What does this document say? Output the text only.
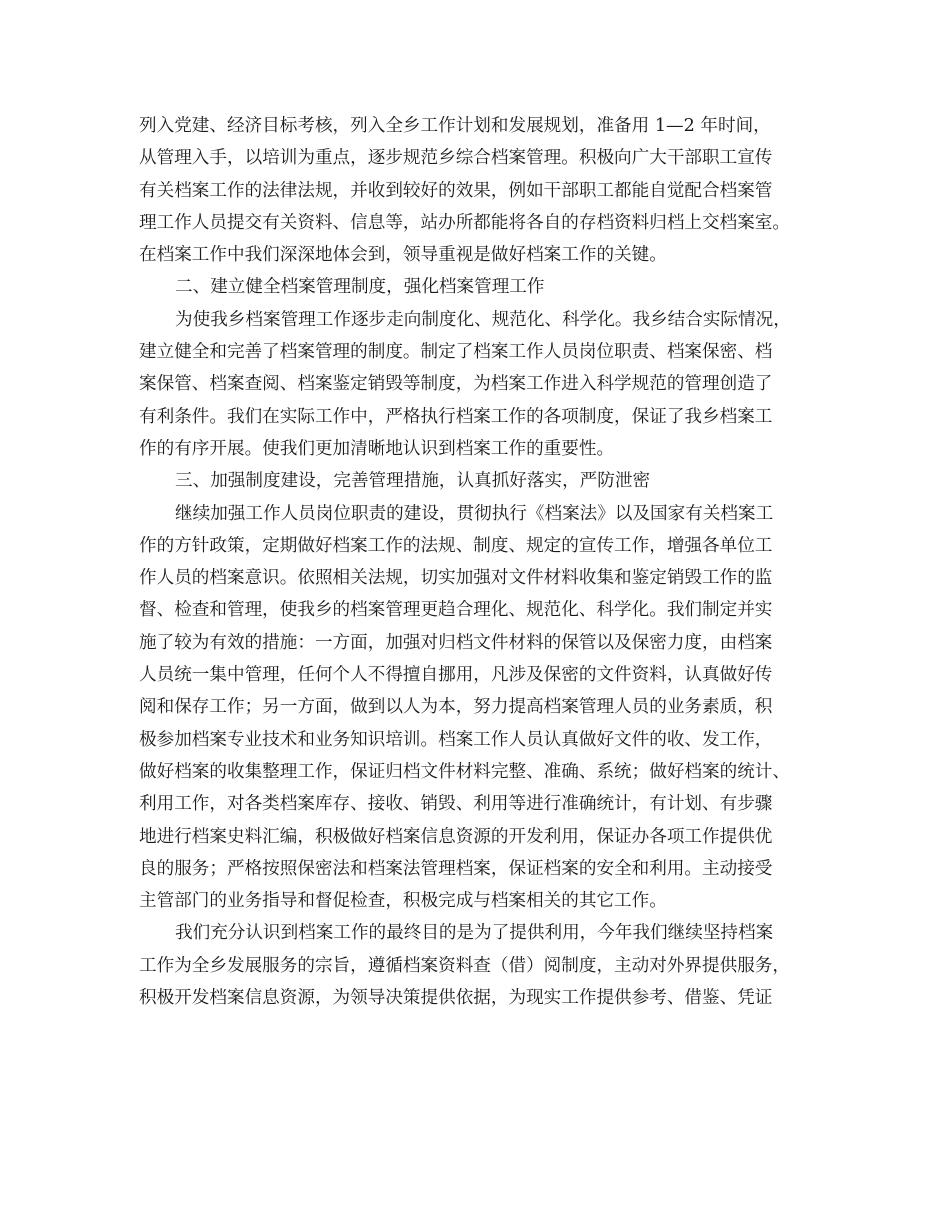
列入党建、经济目标考核，列入全乡工作计划和发展规划，准备用 1—2 年时间，
从管理入手，以培训为重点，逐步规范乡综合档案管理。积极向广大干部职工宣传
有关档案工作的法律法规，并收到较好的效果，例如干部职工都能自觉配合档案管
理工作人员提交有关资料、信息等，站办所都能将各自的存档资料归档上交档案室。
在档案工作中我们深深地体会到，领导重视是做好档案工作的关键。
二、建立健全档案管理制度，强化档案管理工作
为使我乡档案管理工作逐步走向制度化、规范化、科学化。我乡结合实际情况，
建立健全和完善了档案管理的制度。制定了档案工作人员岗位职责、档案保密、档
案保管、档案查阅、档案鉴定销毁等制度，为档案工作进入科学规范的管理创造了
有利条件。我们在实际工作中，严格执行档案工作的各项制度，保证了我乡档案工
作的有序开展。使我们更加清晰地认识到档案工作的重要性。
三、加强制度建设，完善管理措施，认真抓好落实，严防泄密
继续加强工作人员岗位职责的建设，贯彻执行《档案法》以及国家有关档案工
作的方针政策，定期做好档案工作的法规、制度、规定的宣传工作，增强各单位工
作人员的档案意识。依照相关法规，切实加强对文件材料收集和鉴定销毁工作的监
督、检查和管理，使我乡的档案管理更趋合理化、规范化、科学化。我们制定并实
施了较为有效的措施：一方面，加强对归档文件材料的保管以及保密力度，由档案
人员统一集中管理，任何个人不得擅自挪用，凡涉及保密的文件资料，认真做好传
阅和保存工作；另一方面，做到以人为本，努力提高档案管理人员的业务素质，积
极参加档案专业技术和业务知识培训。档案工作人员认真做好文件的收、发工作，
做好档案的收集整理工作，保证归档文件材料完整、准确、系统；做好档案的统计、
利用工作，对各类档案库存、接收、销毁、利用等进行准确统计，有计划、有步骤
地进行档案史料汇编，积极做好档案信息资源的开发利用，保证办各项工作提供优
良的服务；严格按照保密法和档案法管理档案，保证档案的安全和利用。主动接受
主管部门的业务指导和督促检查，积极完成与档案相关的其它工作。
我们充分认识到档案工作的最终目的是为了提供利用，今年我们继续坚持档案
工作为全乡发展服务的宗旨，遵循档案资料查（借）阅制度，主动对外界提供服务，
积极开发档案信息资源，为领导决策提供依据，为现实工作提供参考、借鉴、凭证
